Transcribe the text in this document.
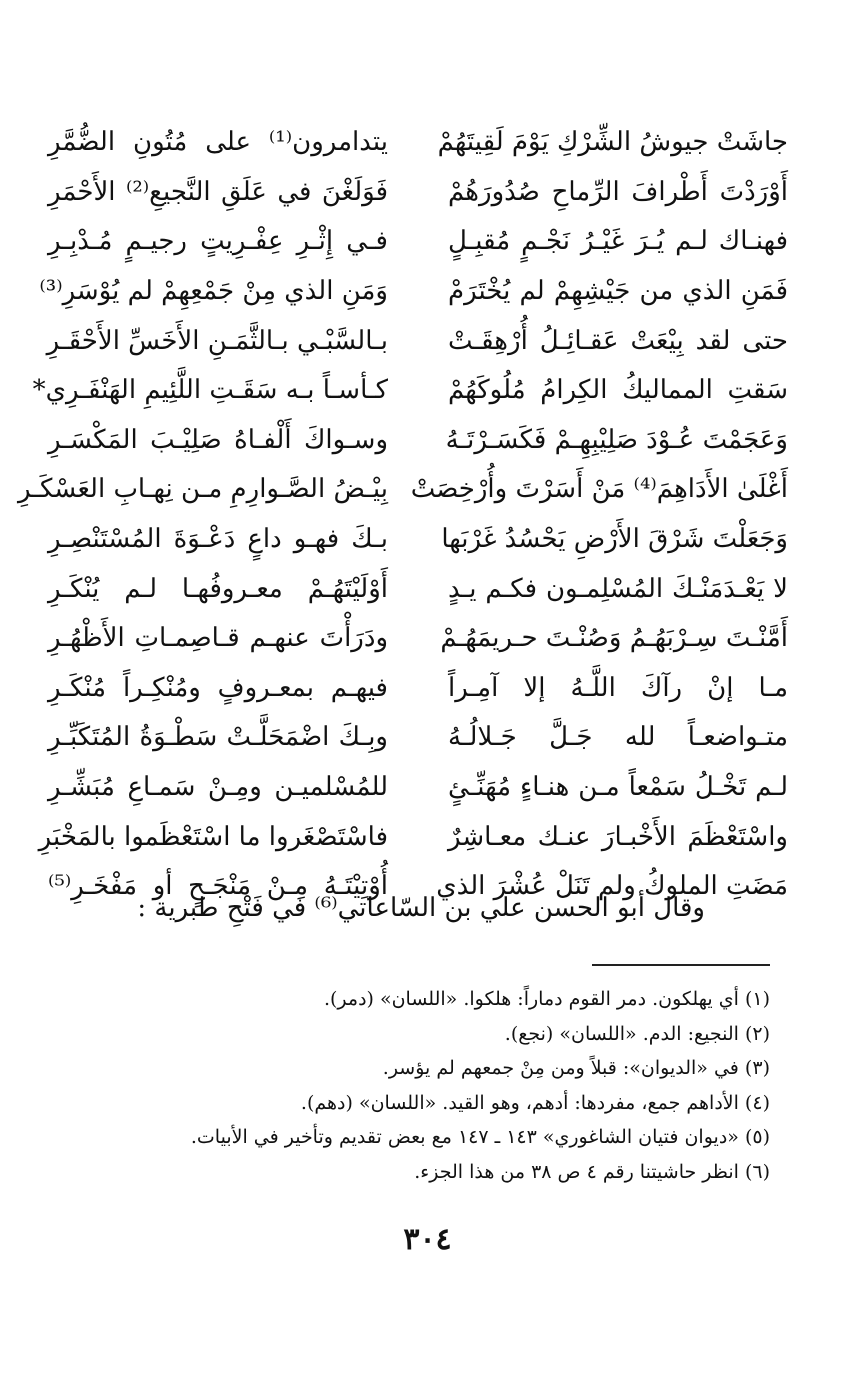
جاشَتْ جيوشُ الشِّرْكِ يَوْمَ لَقِيتَهُمْ
يتدامرون⁽¹⁾ على مُتُونِ الضُّمَّرِ
أَوْرَدْتَ أَطْرافَ الرِّماحِ صُدُورَهُمْ
فَوَلَغْنَ في عَلَقِ النَّجيعِ⁽²⁾ الأَحْمَرِ
فهنـاك لـم يُـرَ غَيْـرُ نَجْـمٍ مُقبِـلٍ
فـي إِثْـرِ عِفْـرِيتٍ رجيـمٍ مُـدْبِـرِ
فَمَنِ الذي من جَيْشِهِمْ لم يُخْتَرَمْ
وَمَنِ الذي مِنْ جَمْعِهِمْ لم يُوْسَرِ⁽³⁾
حتى لقد بِيْعَتْ عَقـائِـلُ أُرْهِقَـتْ
بـالسَّبْـي بـالثَّمَـنِ الأَخَسِّ الأَحْقَـرِ
سَقتِ المماليكُ الكِرامُ مُلُوكَهُمْ
كـأسـاً بـه سَقَـتِ اللَّئِيمِ الهَنْفَـرِي*
وَعَجَمْتَ عُـوْدَ صَلِيْبِهِـمْ فَكَسَـرْتَـهُ
وسـواكَ أَلْفـاهُ صَلِيْـبَ المَكْسَـرِ
أَغْلَىٰ الأَدَاهِمَ⁽⁴⁾ مَنْ أَسَرْتَ وأُرْخِصَتْ
بِيْـضُ الصَّـوارِمِ مـن نِهـابِ العَسْكَـرِ
وَجَعَلْتَ شَرْقَ الأَرْضِ يَحْسُدُ غَرْبَها
بـكَ فهـو داعٍ دَعْـوَةَ المُسْتَنْصِـرِ
لا يَعْـدَمَنْـكَ المُسْلِمـون فكـم يـدٍ
أَوْلَيْتَهُـمْ معـروفُهـا لـم يُنْكَـرِ
أَمَّنْـتَ سِـرْبَهُـمُ وَصُنْـتَ حـريمَهُـمْ
ودَرَأْتَ عنهـم قـاصِمـاتِ الأَظْهُـرِ
مـا إنْ رآكَ اللَّـهُ إلا آمِـراً
فيهـم بمعـروفٍ ومُنْكِـراً مُنْكَـرِ
متـواضعـاً لله جَـلَّ جَـلالُـهُ
وبِـكَ اضْمَحَلَّـتْ سَطْـوَةُ المُتَكَبِّـرِ
لـم تَخْـلُ سَمْعاً مـن هنـاءٍ مُهَنِّـئٍ
للمُسْلميـن ومِـنْ سَمـاعِ مُبَشِّـرِ
واسْتَعْظَمَ الأَخْبـارَ عنـك معـاشِرٌ
فاسْتَصْغَروا ما اسْتَعْظَموا بالمَخْبَرِ
مَضَتِ الملوكُ ولم تَنَلْ عُشْرَ الذي
أُوْتِيْتَـهُ مِـنْ مَنْجَـحٍ أو مَفْخَـرِ⁽⁵⁾
وقال أبو الحسن علي بن السّاعاتي⁽⁶⁾ في فَتْحِ طبرية :
(١) أي يهلكون. دمر القوم دماراً: هلكوا. «اللسان» (دمر).
(٢) النجيع: الدم. «اللسان» (نجع).
(٣) في «الديوان»: قبلاً ومن مِنْ جمعهم لم يؤسر.
(٤) الأداهم جمع، مفردها: أدهم، وهو القيد. «اللسان» (دهم).
(٥) «ديوان فتيان الشاغوري» ١٤٣ ـ ١٤٧ مع بعض تقديم وتأخير في الأبيات.
(٦) انظر حاشيتنا رقم ٤ ص ٣٨ من هذا الجزء.
٣٠٤
